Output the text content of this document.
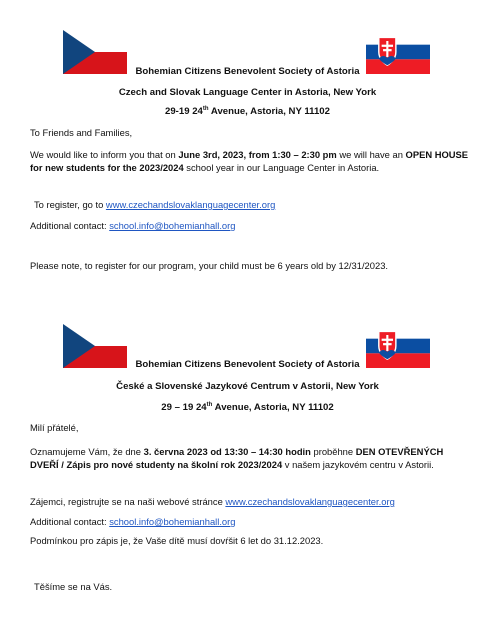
Bohemian Citizens Benevolent Society of Astoria
Czech and Slovak Language Center in Astoria, New York
29-19 24th Avenue, Astoria, NY 11102
To Friends and Families,
We would like to inform you that on June 3rd, 2023, from 1:30 – 2:30 pm we will have an OPEN HOUSE for new students for the 2023/2024 school year in our Language Center in Astoria.
To register, go to www.czechandslovaklanguagecenter.org
Additional contact: school.info@bohemianhall.org
Please note, to register for our program, your child must be 6 years old by 12/31/2023.
Bohemian Citizens Benevolent Society of Astoria
České a Slovenské Jazykové Centrum v Astorii, New York
29 – 19 24th Avenue, Astoria, NY 11102
Milí přátelé,
Oznamujeme Vám, že dne 3. června 2023 od 13:30 – 14:30 hodin proběhne DEN OTEVŘENÝCH DVEŘÍ / Zápis pro nové studenty na školní rok 2023/2024 v našem jazykovém centru v Astorii.
Zájemci, registrujte se na naši webové stránce www.czechandslovaklanguagecenter.org
Additional contact: school.info@bohemianhall.org
Podmínkou pro zápis je, že Vaše dítě musí dovŕšit 6 let do 31.12.2023.
Těšíme se na Vás.
